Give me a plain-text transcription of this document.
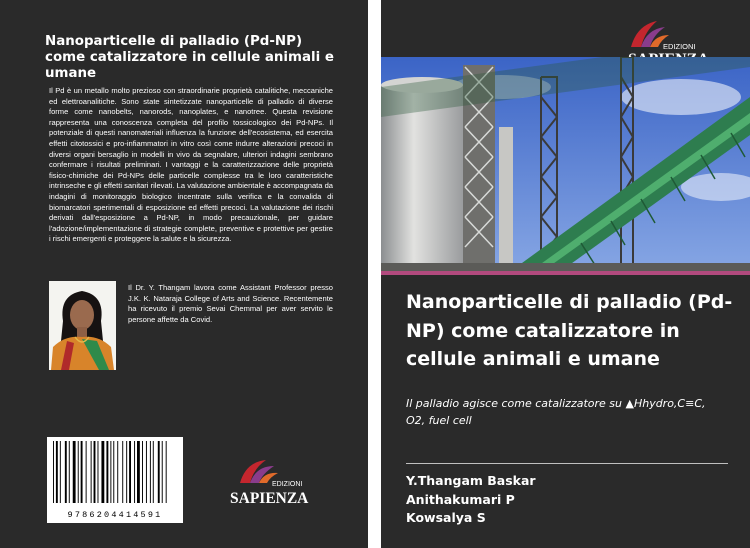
Nanoparticelle di palladio (Pd-NP) come catalizzatore in cellule animali e umane

Il Pd è un metallo molto prezioso con straordinarie proprietà catalitiche, meccaniche ed elettroanalitiche. Sono state sintetizzate nanoparticelle di palladio di diverse forme come nanobelts, nanorods, nanoplates, e nanotree. Questa revisione rappresenta una conoscenza completa del profilo tossicologico dei Pd-NPs. Il potenziale di questi nanomateriali influenza la funzione dell'ecosistema, ed esercita effetti citotossici e pro-infiammatori in vitro così come indurre alterazioni precoci in diversi organi bersaglio in modelli in vivo da segnalare, ulteriori indagini sembrano confermare i risultati preliminari. I vantaggi e la caratterizzazione delle proprietà fisico-chimiche dei Pd-NPs delle particelle complesse tra le loro caratteristiche intrinseche e gli effetti sanitari rilevati. La valutazione ambientale è accompagnata da indagini di monitoraggio biologico incentrate sulla verifica e la convalida di biomarcatori sperimentali di esposizione ed effetti precoci. La valutazione dei rischi derivati dall'esposizione a Pd-NP, in modo precauzionale, per guidare l'adozione/implementazione di strategie complete, preventive e protettive per gestire i rischi emergenti e proteggere la salute e la sicurezza.

Il Dr. Y. Thangam lavora come Assistant Professor presso J.K. K. Nataraja College of Arts and Science. Recentemente ha ricevuto il premio Sevai Chemmal per aver servito le persone affette da Covid.

9786204414591
EDIZIONI
SAPIENZA
EDIZIONI
Nanoparticelle di palladio (Pd-NP) come catalizzatore in cellule animali e umane

Il palladio agisce come catalizzatore su ▲Hhydro,C≡C, O2, fuel cell

Y.Thangam Baskar
Anithakumari P
Kowsalya S
